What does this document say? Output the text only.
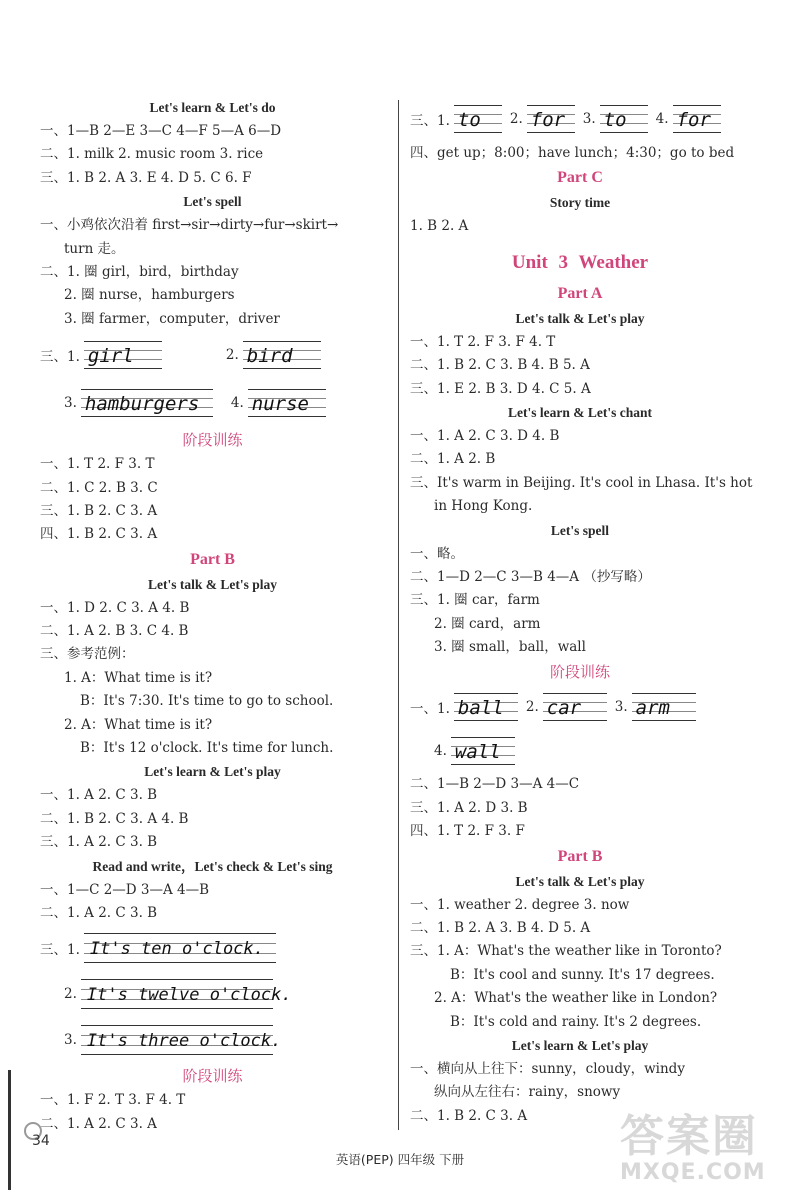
Let's learn & Let's do
一、1—B 2—E 3—C 4—F 5—A 6—D
二、1. milk 2. music room 3. rice
三、1. B 2. A 3. E 4. D 5. C 6. F
Let's spell
一、小鸡依次沿着 first→sir→dirty→fur→skirt→
turn 走。
二、1. 圈 girl，bird，birthday
2. 圈 nurse，hamburgers
3. 圈 farmer，computer，driver
三、1. girl	2. bird
3. hamburgers	4. nurse
阶段训练
一、1. T 2. F 3. T
二、1. C 2. B 3. C
三、1. B 2. C 3. A
四、1. B 2. C 3. A
Part B
Let's talk & Let's play
一、1. D 2. C 3. A 4. B
二、1. A 2. B 3. C 4. B
三、参考范例：
1. A：What time is it?
B：It's 7:30. It's time to go to school.
2. A：What time is it?
B：It's 12 o'clock. It's time for lunch.
Let's learn & Let's play
一、1. A 2. C 3. B
二、1. B 2. C 3. A 4. B
三、1. A 2. C 3. B
Read and write，Let's check & Let's sing
一、1—C 2—D 3—A 4—B
二、1. A 2. C 3. B
三、1. It's ten o'clock.
2. It's twelve o'clock.
3. It's three o'clock.
阶段训练
一、1. F 2. T 3. F 4. T
二、1. A 2. C 3. A
三、1. to	2. for	3. to	4. for
四、get up；8:00；have lunch；4:30；go to bed
Part C
Story time
1. B 2. A
Unit 3 Weather
Part A
Let's talk & Let's play
一、1. T 2. F 3. F 4. T
二、1. B 2. C 3. B 4. B 5. A
三、1. E 2. B 3. D 4. C 5. A
Let's learn & Let's chant
一、1. A 2. C 3. D 4. B
二、1. A 2. B
三、It's warm in Beijing. It's cool in Lhasa. It's hot
in Hong Kong.
Let's spell
一、略。
二、1—D 2—C 3—B 4—A （抄写略）
三、1. 圈 car，farm
2. 圈 card，arm
3. 圈 small，ball，wall
阶段训练
一、1. ball	2. car	3. arm
4. wall
二、1—B 2—D 3—A 4—C
三、1. A 2. D 3. B
四、1. T 2. F 3. F
Part B
Let's talk & Let's play
一、1. weather 2. degree 3. now
二、1. B 2. A 3. B 4. D 5. A
三、1. A：What's the weather like in Toronto?
B：It's cool and sunny. It's 17 degrees.
2. A：What's the weather like in London?
B：It's cold and rainy. It's 2 degrees.
Let's learn & Let's play
一、横向从上往下：sunny，cloudy，windy
纵向从左往右：rainy，snowy
二、1. B 2. C 3. A
34
英语(PEP) 四年级 下册	答案圈
MXQE.COM
